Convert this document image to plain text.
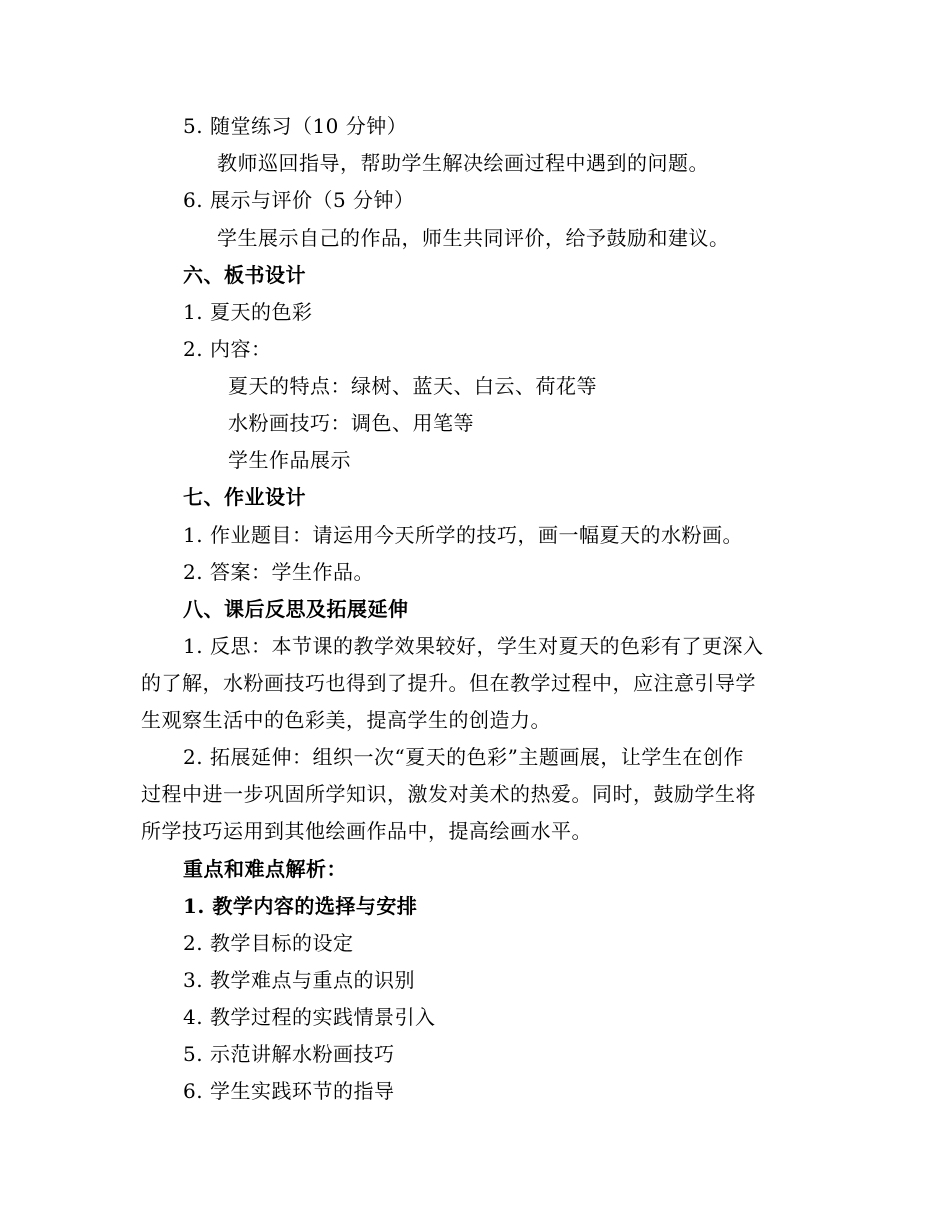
5. 随堂练习（10 分钟）
教师巡回指导，帮助学生解决绘画过程中遇到的问题。
6. 展示与评价（5 分钟）
学生展示自己的作品，师生共同评价，给予鼓励和建议。
六、板书设计
1. 夏天的色彩
2. 内容：
夏天的特点：绿树、蓝天、白云、荷花等
水粉画技巧：调色、用笔等
学生作品展示
七、作业设计
1. 作业题目：请运用今天所学的技巧，画一幅夏天的水粉画。
2. 答案：学生作品。
八、课后反思及拓展延伸
1. 反思：本节课的教学效果较好，学生对夏天的色彩有了更深入
的了解，水粉画技巧也得到了提升。但在教学过程中，应注意引导学
生观察生活中的色彩美，提高学生的创造力。
2. 拓展延伸：组织一次“夏天的色彩”主题画展，让学生在创作
过程中进一步巩固所学知识，激发对美术的热爱。同时，鼓励学生将
所学技巧运用到其他绘画作品中，提高绘画水平。
重点和难点解析：
1. 教学内容的选择与安排
2. 教学目标的设定
3. 教学难点与重点的识别
4. 教学过程的实践情景引入
5. 示范讲解水粉画技巧
6. 学生实践环节的指导
